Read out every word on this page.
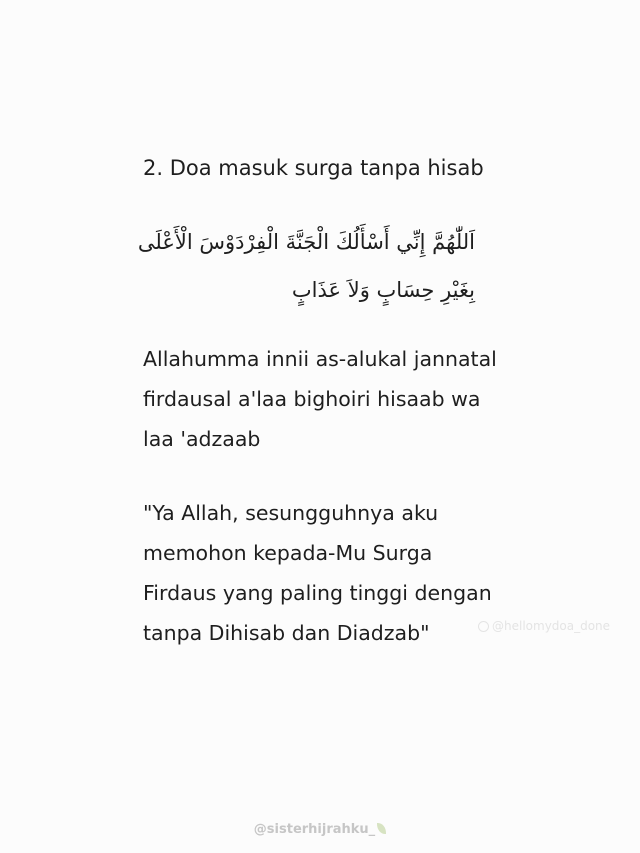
2. Doa masuk surga tanpa hisab
اَللّٰهُمَّ إِنِّي أَسْأَلُكَ الْجَنَّةَ الْفِرْدَوْسَ الْأَعْلَى
بِغَيْرِ حِسَابٍ وَلاَ عَذَابٍ
Allahumma innii as-alukal jannatal
firdausal a'laa bighoiri hisaab wa
laa 'adzaab
"Ya Allah, sesungguhnya aku
memohon kepada-Mu Surga
Firdaus yang paling tinggi dengan
tanpa Dihisab dan Diadzab"	@hellomydoa_done
@sisterhijrahku_
